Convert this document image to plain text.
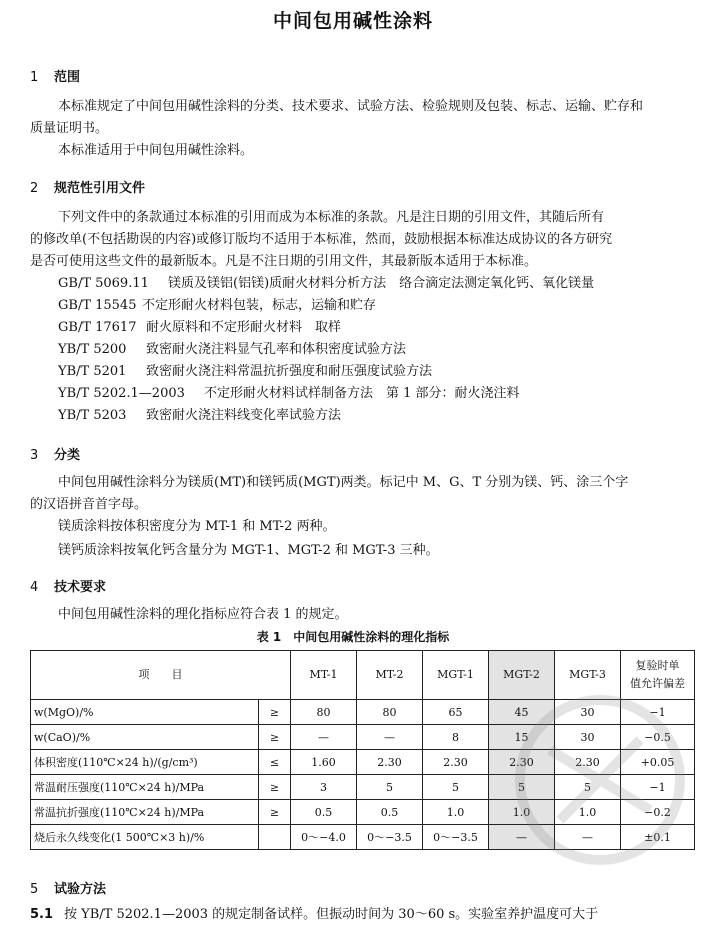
中间包用碱性涂料
1 范围
本标准规定了中间包用碱性涂料的分类、技术要求、试验方法、检验规则及包装、标志、运输、贮存和
质量证明书。
本标准适用于中间包用碱性涂料。
2 规范性引用文件
下列文件中的条款通过本标准的引用而成为本标准的条款。凡是注日期的引用文件，其随后所有
的修改单(不包括勘误的内容)或修订版均不适用于本标准，然而，鼓励根据本标准达成协议的各方研究
是否可使用这些文件的最新版本。凡是不注日期的引用文件，其最新版本适用于本标准。
GB/T 5069.11 镁质及镁铝(铝镁)质耐火材料分析方法　络合滴定法测定氧化钙、氧化镁量
GB/T 15545 不定形耐火材料包装，标志，运输和贮存
GB/T 17617 耐火原料和不定形耐火材料　取样
YB/T 5200 致密耐火浇注料显气孔率和体积密度试验方法
YB/T 5201 致密耐火浇注料常温抗折强度和耐压强度试验方法
YB/T 5202.1—2003 不定形耐火材料试样制备方法　第 1 部分：耐火浇注料
YB/T 5203 致密耐火浇注料线变化率试验方法
3 分类
中间包用碱性涂料分为镁质(MT)和镁钙质(MGT)两类。标记中 M、G、T 分别为镁、钙、涂三个字
的汉语拼音首字母。
镁质涂料按体积密度分为 MT-1 和 MT-2 两种。
镁钙质涂料按氧化钙含量分为 MGT-1、MGT-2 和 MGT-3 三种。
4 技术要求
中间包用碱性涂料的理化指标应符合表 1 的规定。
表 1　中间包用碱性涂料的理化指标
项　　目		MT-1	MT-2	MGT-1	MGT-2	MGT-3	复验时单
值允许偏差
w(MgO)/%	≥	80	80	65	45	30	−1
w(CaO)/%	≥	—	—	8	15	30	−0.5
体积密度(110℃×24 h)/(g/cm³)	≤	1.60	2.30	2.30	2.30	2.30	+0.05
常温耐压强度(110℃×24 h)/MPa	≥	3	5	5	5	5	−1
常温抗折强度(110℃×24 h)/MPa	≥	0.5	0.5	1.0	1.0	1.0	−0.2
烧后永久线变化(1 500℃×3 h)/%		0～−4.0	0～−3.5	0～−3.5	—	—	±0.1
5 试验方法
5.1 按 YB/T 5202.1—2003 的规定制备试样。但振动时间为 30～60 s。实验室养护温度可大于
